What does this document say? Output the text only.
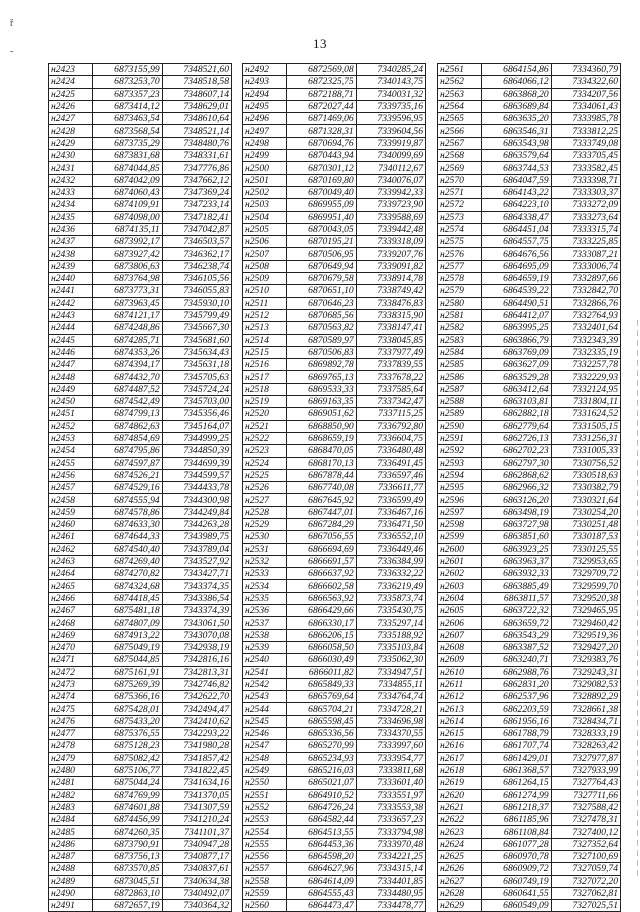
13
ř
-
н2423	6873155,99	7348521,60
н2424	6873253,70	7348518,58
н2425	6873357,23	7348607,14
н2426	6873414,12	7348629,01
н2427	6873463,54	7348610,64
н2428	6873568,54	7348521,14
н2429	6873735,29	7348480,76
н2430	6873831,68	7348331,61
н2431	6874044,85	7347776,86
н2432	6874042,09	7347662,12
н2433	6874060,43	7347369,24
н2434	6874109,91	7347233,14
н2435	6874098,00	7347182,41
н2436	6874135,11	7347042,87
н2437	6873992,17	7346503,57
н2438	6873927,42	7346362,17
н2439	6873806,63	7346238,74
н2440	6873764,98	7346105,56
н2441	6873773,31	7346055,83
н2442	6873963,45	7345930,10
н2443	6874121,17	7345799,49
н2444	6874248,86	7345667,30
н2445	6874285,71	7345681,60
н2446	6874353,26	7345634,43
н2447	6874394,17	7345631,18
н2448	6874432,70	7345705,63
н2449	6874487,52	7345724,24
н2450	6874542,49	7345703,00
н2451	6874799,13	7345356,46
н2452	6874862,63	7345164,07
н2453	6874854,69	7344999,25
н2454	6874795,86	7344850,39
н2455	6874597,87	7344699,39
н2456	6874526,21	7344599,57
н2457	6874529,16	7344433,78
н2458	6874555,94	7344300,98
н2459	6874578,86	7344249,84
н2460	6874633,30	7344263,28
н2461	6874644,33	7343989,75
н2462	6874540,40	7343789,04
н2463	6874269,40	7343527,92
н2464	6874270,82	7343427,71
н2465	6874324,68	7343374,35
н2466	6874418,45	7343386,54
н2467	6875481,18	7343374,39
н2468	6874807,09	7343061,50
н2469	6874913,22	7343070,08
н2470	6875049,19	7342938,19
н2471	6875044,85	7342816,16
н2472	6875161,91	7342813,31
н2473	6875269,39	7342746,82
н2474	6875366,16	7342622,70
н2475	6875428,01	7342494,47
н2476	6875433,20	7342410,62
н2477	6875376,55	7342293,22
н2478	6875128,23	7341980,28
н2479	6875082,42	7341857,42
н2480	6875106,77	7341822,45
н2481	6875044,24	7341634,16
н2482	6874769,99	7341370,05
н2483	6874601,88	7341307,59
н2484	6874456,99	7341210,24
н2485	6874260,35	7341101,37
н2486	6873790,91	7340947,28
н2487	6873756,13	7340877,17
н2488	6873570,85	7340837,61
н2489	6873045,51	7340634,38
н2490	6872863,10	7340492,07
н2491	6872657,19	7340364,32
н2492	6872569,08	7340285,24
н2493	6872325,75	7340143,75
н2494	6872188,71	7340031,32
н2495	6872027,44	7339735,16
н2496	6871469,06	7339596,95
н2497	6871328,31	7339604,56
н2498	6870694,76	7339919,87
н2499	6870443,94	7340099,69
н2500	6870301,12	7340112,67
н2501	6870169,80	7340076,07
н2502	6870049,40	7339942,33
н2503	6869955,09	7339723,90
н2504	6869951,40	7339588,69
н2505	6870043,05	7339442,48
н2506	6870195,21	7339318,09
н2507	6870506,95	7339207,76
н2508	6870649,94	7339091,82
н2509	6870679,58	7338914,78
н2510	6870651,10	7338749,42
н2511	6870646,23	7338476,83
н2512	6870685,56	7338315,90
н2513	6870563,82	7338147,41
н2514	6870589,97	7338045,85
н2515	6870506,83	7337977,49
н2516	6869892,78	7337839,55
н2517	6869765,13	7337678,22
н2518	6869533,33	7337585,64
н2519	6869163,35	7337342,47
н2520	6869051,62	7337115,25
н2521	6868850,90	7336792,80
н2522	6868659,19	7336604,75
н2523	6868470,05	7336480,48
н2524	6868170,13	7336491,45
н2525	6867878,44	7336597,46
н2526	6867740,08	7336611,77
н2527	6867645,92	7336599,49
н2528	6867447,01	7336467,16
н2529	6867284,29	7336471,50
н2530	6867056,55	7336552,10
н2531	6866694,69	7336449,46
н2532	6866691,57	7336384,99
н2533	6866637,92	7336332,22
н2534	6866602,58	7336219,49
н2535	6866563,92	7335873,74
н2536	6866429,66	7335430,75
н2537	6866330,17	7335297,14
н2538	6866206,15	7335188,92
н2539	6866058,50	7335103,84
н2540	6866030,49	7335062,30
н2541	6866011,82	7334947,51
н2542	6865849,33	7334855,11
н2543	6865769,64	7334764,74
н2544	6865704,21	7334728,21
н2545	6865598,45	7334696,98
н2546	6865336,56	7334370,55
н2547	6865270,99	7333997,60
н2548	6865234,93	7333954,77
н2549	6865216,03	7333811,68
н2550	6865021,07	7333601,40
н2551	6864910,52	7333551,97
н2552	6864726,24	7333553,38
н2553	6864582,44	7333657,23
н2554	6864513,55	7333794,98
н2555	6864453,36	7333970,48
н2556	6864598,20	7334221,25
н2557	6864627,96	7334315,14
н2558	6864614,09	7334401,85
н2559	6864555,43	7334480,95
н2560	6864473,47	7334478,77
н2561	6864154,86	7334360,79
н2562	6864066,12	7334322,60
н2563	6863868,20	7334207,56
н2564	6863689,84	7334061,43
н2565	6863635,20	7333985,78
н2566	6863546,31	7333812,25
н2567	6863543,98	7333749,08
н2568	6863579,64	7333705,45
н2569	6863744,53	7333582,45
н2570	6864047,59	7333398,71
н2571	6864143,22	7333303,37
н2572	6864223,10	7333272,09
н2573	6864338,47	7333273,64
н2574	6864451,04	7333315,74
н2575	6864557,75	7333225,85
н2576	6864676,56	7333087,21
н2577	6864695,09	7333006,74
н2578	6864659,19	7332897,66
н2579	6864539,22	7332842,70
н2580	6864490,51	7332866,76
н2581	6864412,07	7332764,93
н2582	6863995,25	7332401,64
н2583	6863866,79	7332343,39
н2584	6863769,09	7332335,19
н2585	6863627,09	7332257,78
н2586	6863529,28	7332229,93
н2587	6863412,64	7332124,95
н2588	6863103,81	7331804,11
н2589	6862882,18	7331624,52
н2590	6862779,64	7331505,15
н2591	6862726,13	7331256,31
н2592	6862702,23	7331005,33
н2593	6862797,30	7330756,52
н2594	6862868,62	7330518,63
н2595	6862966,32	7330382,79
н2596	6863126,20	7330321,64
н2597	6863498,19	7330254,20
н2598	6863727,98	7330251,48
н2599	6863851,60	7330187,53
н2600	6863923,25	7330125,55
н2601	6863963,37	7329953,65
н2602	6863932,33	7329709,72
н2603	6863885,49	7329599,70
н2604	6863811,57	7329520,38
н2605	6863722,32	7329465,95
н2606	6863659,72	7329460,42
н2607	6863543,29	7329519,36
н2608	6863387,52	7329427,20
н2609	6863240,71	7329383,76
н2610	6862988,76	7329243,31
н2611	6862831,20	7329082,53
н2612	6862537,96	7328892,29
н2613	6862203,59	7328661,38
н2614	6861956,16	7328434,71
н2615	6861788,79	7328333,19
н2616	6861707,74	7328263,42
н2617	6861429,01	7327977,87
н2618	6861368,57	7327933,99
н2619	6861264,15	7327764,43
н2620	6861274,99	7327711,66
н2621	6861218,37	7327588,42
н2622	6861185,96	7327478,31
н2623	6861108,84	7327400,12
н2624	6861077,28	7327352,64
н2625	6860970,78	7327100,69
н2626	6860909,72	7327059,74
н2627	6860749,19	7327072,20
н2628	6860641,55	7327062,81
н2629	6860549,09	7327025,51
